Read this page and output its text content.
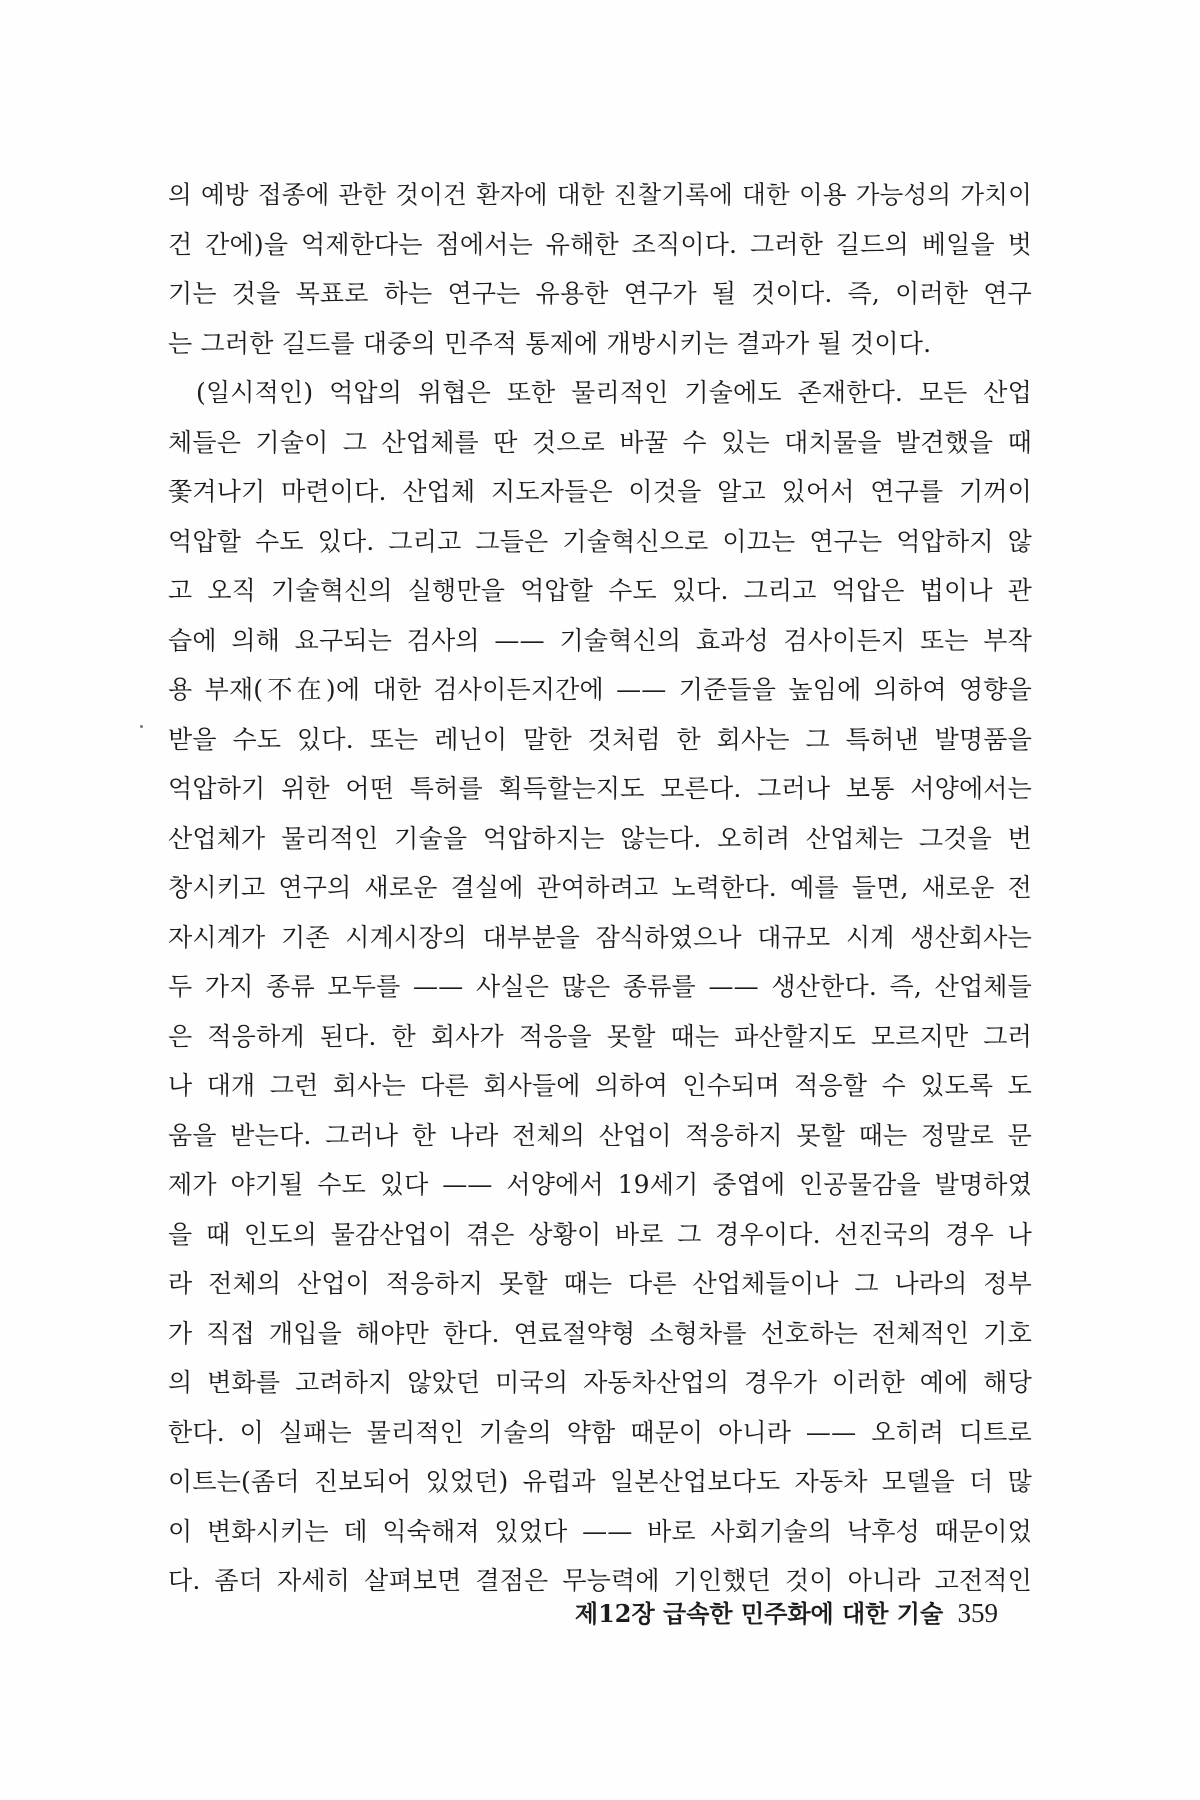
의 예방 접종에 관한 것이건 환자에 대한 진찰기록에 대한 이용 가능성의 가치이
건 간에)을 억제한다는 점에서는 유해한 조직이다. 그러한 길드의 베일을 벗
기는 것을 목표로 하는 연구는 유용한 연구가 될 것이다. 즉, 이러한 연구
는 그러한 길드를 대중의 민주적 통제에 개방시키는 결과가 될 것이다.
(일시적인) 억압의 위협은 또한 물리적인 기술에도 존재한다. 모든 산업
체들은 기술이 그 산업체를 딴 것으로 바꿀 수 있는 대치물을 발견했을 때
쫓겨나기 마련이다. 산업체 지도자들은 이것을 알고 있어서 연구를 기꺼이
억압할 수도 있다. 그리고 그들은 기술혁신으로 이끄는 연구는 억압하지 않
고 오직 기술혁신의 실행만을 억압할 수도 있다. 그리고 억압은 법이나 관
습에 의해 요구되는 검사의 —— 기술혁신의 효과성 검사이든지 또는 부작
용 부재(不在)에 대한 검사이든지간에 —— 기준들을 높임에 의하여 영향을
받을 수도 있다. 또는 레닌이 말한 것처럼 한 회사는 그 특허낸 발명품을
억압하기 위한 어떤 특허를 획득할는지도 모른다. 그러나 보통 서양에서는
산업체가 물리적인 기술을 억압하지는 않는다. 오히려 산업체는 그것을 번
창시키고 연구의 새로운 결실에 관여하려고 노력한다. 예를 들면, 새로운 전
자시계가 기존 시계시장의 대부분을 잠식하였으나 대규모 시계 생산회사는
두 가지 종류 모두를 —— 사실은 많은 종류를 —— 생산한다. 즉, 산업체들
은 적응하게 된다. 한 회사가 적응을 못할 때는 파산할지도 모르지만 그러
나 대개 그런 회사는 다른 회사들에 의하여 인수되며 적응할 수 있도록 도
움을 받는다. 그러나 한 나라 전체의 산업이 적응하지 못할 때는 정말로 문
제가 야기될 수도 있다 —— 서양에서 19세기 중엽에 인공물감을 발명하였
을 때 인도의 물감산업이 겪은 상황이 바로 그 경우이다. 선진국의 경우 나
라 전체의 산업이 적응하지 못할 때는 다른 산업체들이나 그 나라의 정부
가 직접 개입을 해야만 한다. 연료절약형 소형차를 선호하는 전체적인 기호
의 변화를 고려하지 않았던 미국의 자동차산업의 경우가 이러한 예에 해당
한다. 이 실패는 물리적인 기술의 약함 때문이 아니라 —— 오히려 디트로
이트는(좀더 진보되어 있었던) 유럽과 일본산업보다도 자동차 모델을 더 많
이 변화시키는 데 익숙해져 있었다 —— 바로 사회기술의 낙후성 때문이었
다. 좀더 자세히 살펴보면 결점은 무능력에 기인했던 것이 아니라 고전적인
제12장 급속한 민주화에 대한 기술 359
